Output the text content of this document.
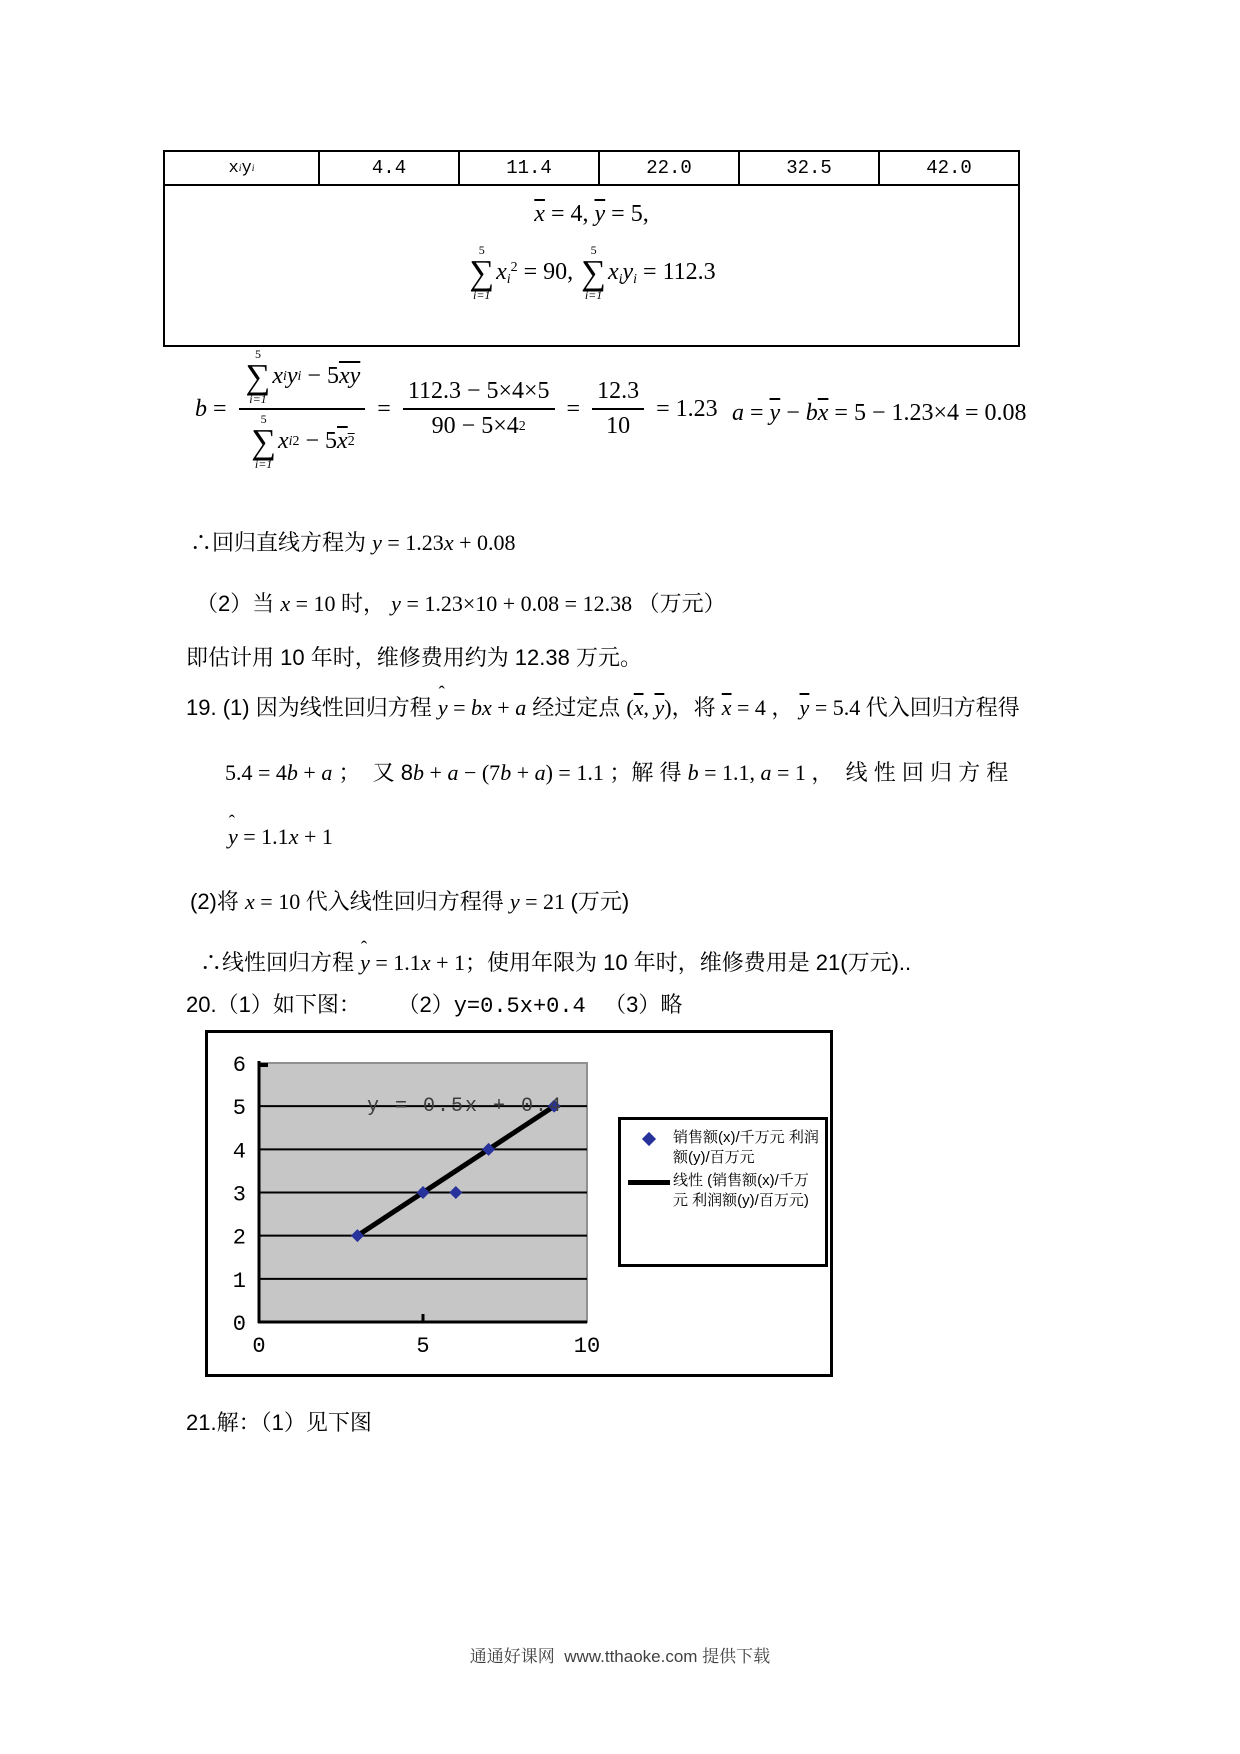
x i y i	4.4	11.4	22.0	32.5	42.0
$\overline{x} = 4$, $\overline{y} = 5$,
5
∑
i=1
$xi^2 = 90$,
5
∑
i=1
xiyi = 112.3
b = 5
∑
i=1
x i y i − 5 $\overline{xy}$
5
∑
i=1
x i 2 − 5 $\overline{x}$ $2 = \frac{112.3 - 5\times 4\times 5}{90 - 5\times 4 2} = \frac{12.3}{10} = 1.23$ $a = \overline{y} - b\overline{x} = 5 - 1.23\times 4 = 0.08$
∴回归直线方程为 y = 1.23x + 0.08
（2）当 x = 10 时， y = 1.23×10 + 0.08 = 12.38 （万元）
即估计用 10 年时，维修费用约为 12.38 万元。
19. (1) 因为线性回归方程 y ˆ = bx + a 经过定点 ($\overline{x}$, $\overline{y}$)，将 $\overline{x} = 4$ ， $\overline{y} = 5.4$ 代入回归方程得
5.4 = 4b + a ；  又 8b + a − (7b + a) = 1.1 ；解 得 b = 1.1, a = 1 ，  线 性 回 归 方 程
y ˆ = 1.1x + 1
(2)将 x = 10 代入线性回归方程得 y = 21 (万元)
∴线性回归方程 y ˆ = 1.1x + 1；使用年限为 10 年时，维修费用是 21(万元)..
20.（1）如下图：      （2）y=0.5x+0.4   （3）略
0
1
2
3
4
5
6
0	5	10
y = 0.5x + 0.4
销售额(x)/千万元 利润额(y)/百万元
线性 (销售额(x)/千万元 利润额(y)/百万元)
21.解：（1）见下图
通通好课网  www.tthaoke.com 提供下载
